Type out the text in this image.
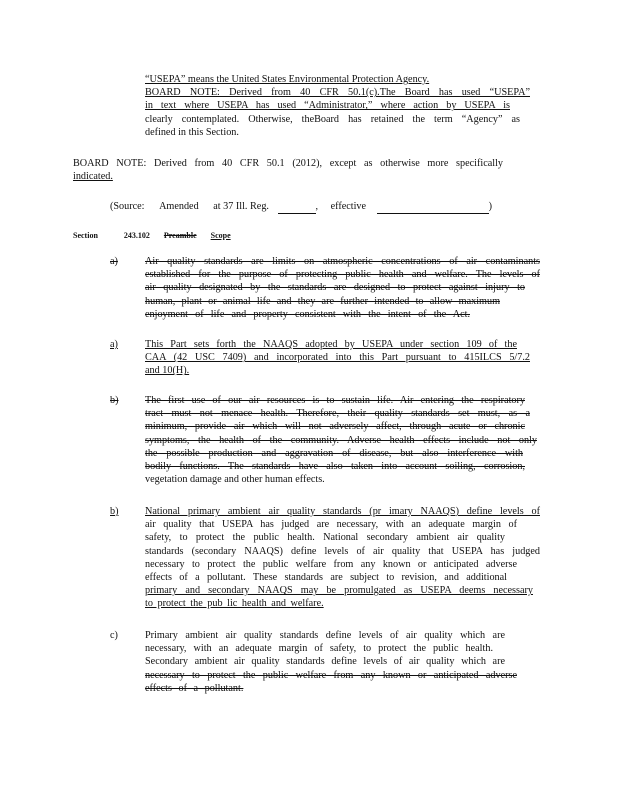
“USEPA” means the United States Environmental Protection Agency.
BOARD NOTE: Derived from 40 CFR 50.1(c).The Board has used “USEPA”
in text where USEPA has used “Administrator,” where action by USEPA is
clearly contemplated. Otherwise, theBoard has retained the term “Agency” as
defined in this Section.
BOARD NOTE: Derived from 40 CFR 50.1 (2012), except as otherwise more specifically
indicated.
(Source: Amended at 37 Ill. Reg.	, effective	)
Section	243.102 Preamble Scope
a)	Air quality standards are limits on atmospheric concentrations of air contaminants
established for the purpose of protecting public health and welfare. The levels of
air quality designated by the standards are designed to protect against injury to
human, plant or animal life and they are further intended to allow maximum
enjoyment of life and property consistent with the intent of the Act.
a)	This Part sets forth the NAAQS adopted by USEPA under section 109 of the
CAA (42 USC 7409) and incorporated into this Part pursuant to 415ILCS 5/7.2
and 10(H).
b)	The first use of our air resources is to sustain life. Air entering the respiratory
tract must not menace health. Therefore, their quality standards set must, as a
minimum, provide air which will not adversely affect, through acute or chronic
symptoms, the health of the community. Adverse health effects include not only
the possible production and aggravation of disease, but also interference with
bodily functions. The standards have also taken into account soiling, corrosion,
vegetation damage and other human effects.
b)	National primary ambient air quality standards (pr imary NAAQS) define levels of
air quality that USEPA has judged are necessary, with an adequate margin of
safety, to protect the public health. National secondary ambient air quality
standards (secondary NAAQS) define levels of air quality that USEPA has judged
necessary to protect the public welfare from any known or anticipated adverse
effects of a pollutant. These standards are subject to revision, and additional
primary and secondary NAAQS may be promulgated as USEPA deems necessary
to protect the pub lic health and welfare.
c)	Primary ambient air quality standards define levels of air quality which are
necessary, with an adequate margin of safety, to protect the public health.
Secondary ambient air quality standards define levels of air quality which are
necessary to protect the public welfare from any known or anticipated adverse
effects of a pollutant.
